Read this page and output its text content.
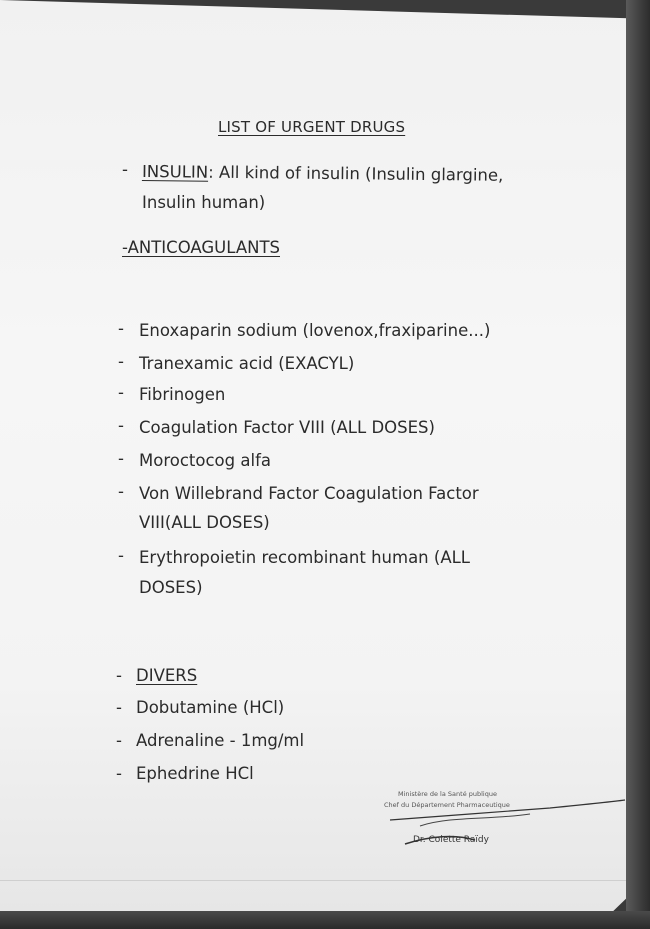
LIST OF URGENT DRUGS
- INSULIN: All kind of insulin (Insulin glargine,
Insulin human)
-ANTICOAGULANTS
- Enoxaparin sodium (lovenox,fraxiparine...)
- Tranexamic acid (EXACYL)
- Fibrinogen
- Coagulation Factor VIII (ALL DOSES)
- Moroctocog alfa
- Von Willebrand Factor Coagulation Factor
VIII(ALL DOSES)
- Erythropoietin recombinant human (ALL
DOSES)
- DIVERS
- Dobutamine (HCl)
- Adrenaline - 1mg/ml
- Ephedrine HCl
Ministère de la Santé publique
Chef du Département Pharmaceutique
Dr. Colette Raïdy
